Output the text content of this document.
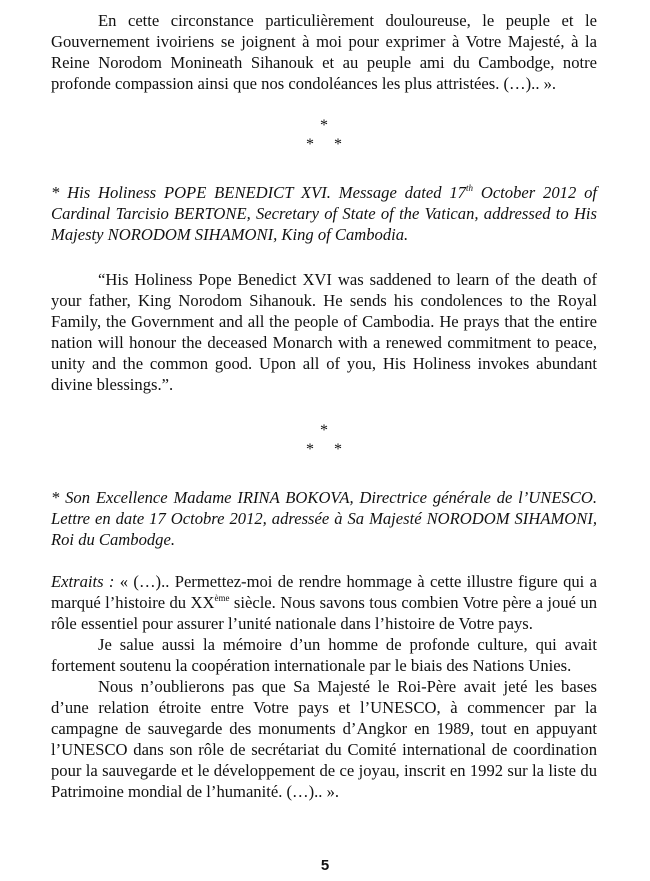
En cette circonstance particulièrement douloureuse, le peuple et le Gouvernement ivoiriens se joignent à moi pour exprimer à Votre Majesté, à la Reine Norodom Monineath Sihanouk et au peuple ami du Cambodge, notre profonde compassion ainsi que nos condoléances les plus attristées. (…).. ».

*
* *

* His Holiness POPE BENEDICT XVI. Message dated 17th October 2012 of Cardinal Tarcisio BERTONE, Secretary of State of the Vatican, addressed to His Majesty NORODOM SIHAMONI, King of Cambodia.

“His Holiness Pope Benedict XVI was saddened to learn of the death of your father, King Norodom Sihanouk. He sends his condolences to the Royal Family, the Government and all the people of Cambodia. He prays that the entire nation will honour the deceased Monarch with a renewed commitment to peace, unity and the common good. Upon all of you, His Holiness invokes abundant divine blessings.”.

*
* *

* Son Excellence Madame IRINA BOKOVA, Directrice générale de l’UNESCO. Lettre en date 17 Octobre 2012, adressée à Sa Majesté NORODOM SIHAMONI, Roi du Cambodge.

Extraits : « (…).. Permettez-moi de rendre hommage à cette illustre figure qui a marqué l’histoire du XXème siècle. Nous savons tous combien Votre père a joué un rôle essentiel pour assurer l’unité nationale dans l’histoire de Votre pays.

Je salue aussi la mémoire d’un homme de profonde culture, qui avait fortement soutenu la coopération internationale par le biais des Nations Unies.

Nous n’oublierons pas que Sa Majesté le Roi-Père avait jeté les bases d’une relation étroite entre Votre pays et l’UNESCO, à commencer par la campagne de sauvegarde des monuments d’Angkor en 1989, tout en appuyant l’UNESCO dans son rôle de secrétariat du Comité international de coordination pour la sauvegarde et le développement de ce joyau, inscrit en 1992 sur la liste du Patrimoine mondial de l’humanité. (…).. ».

5
